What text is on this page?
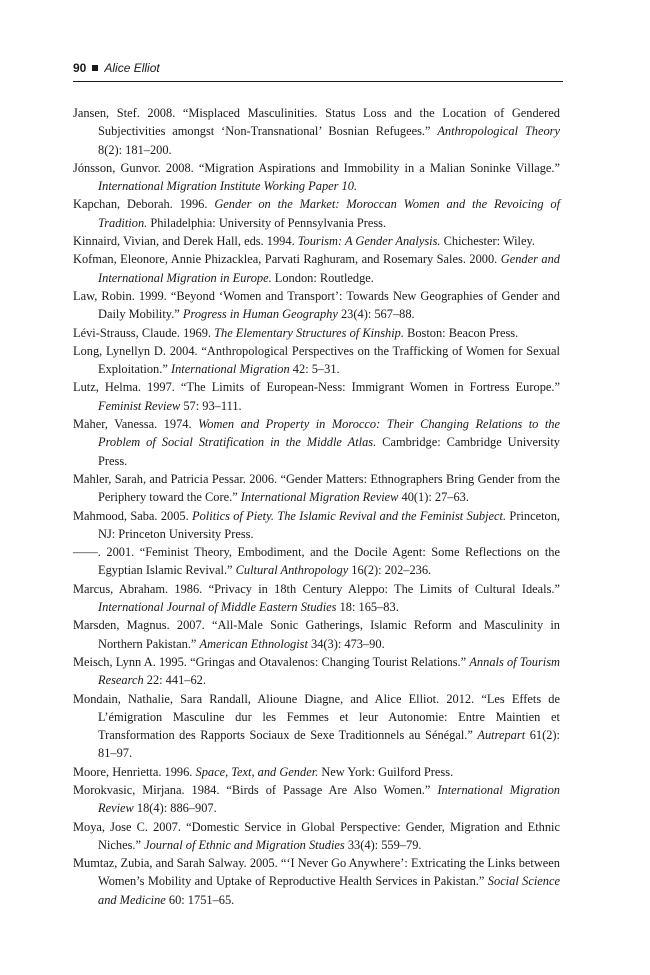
90 Alice Elliot

Jansen, Stef. 2008. “Misplaced Masculinities. Status Loss and the Location of Gendered Subjectivities amongst ‘Non-Transnational’ Bosnian Refugees.” Anthropological Theory 8(2): 181–200.

Jónsson, Gunvor. 2008. “Migration Aspirations and Immobility in a Malian Soninke Village.” International Migration Institute Working Paper 10.

Kapchan, Deborah. 1996. Gender on the Market: Moroccan Women and the Revoicing of Tradition. Philadelphia: University of Pennsylvania Press.

Kinnaird, Vivian, and Derek Hall, eds. 1994. Tourism: A Gender Analysis. Chichester: Wiley.

Kofman, Eleonore, Annie Phizacklea, Parvati Raghuram, and Rosemary Sales. 2000. Gender and International Migration in Europe. London: Routledge.

Law, Robin. 1999. “Beyond ‘Women and Transport’: Towards New Geographies of Gender and Daily Mobility.” Progress in Human Geography 23(4): 567–88.

Lévi-Strauss, Claude. 1969. The Elementary Structures of Kinship. Boston: Beacon Press.

Long, Lynellyn D. 2004. “Anthropological Perspectives on the Trafficking of Women for Sexual Exploitation.” International Migration 42: 5–31.

Lutz, Helma. 1997. “The Limits of European-Ness: Immigrant Women in Fortress Europe.” Feminist Review 57: 93–111.

Maher, Vanessa. 1974. Women and Property in Morocco: Their Changing Relations to the Problem of Social Stratification in the Middle Atlas. Cambridge: Cambridge University Press.

Mahler, Sarah, and Patricia Pessar. 2006. “Gender Matters: Ethnographers Bring Gender from the Periphery toward the Core.” International Migration Review 40(1): 27–63.

Mahmood, Saba. 2005. Politics of Piety. The Islamic Revival and the Feminist Subject. Princeton, NJ: Princeton University Press.

——. 2001. “Feminist Theory, Embodiment, and the Docile Agent: Some Reflections on the Egyptian Islamic Revival.” Cultural Anthropology 16(2): 202–236.

Marcus, Abraham. 1986. “Privacy in 18th Century Aleppo: The Limits of Cultural Ideals.” International Journal of Middle Eastern Studies 18: 165–83.

Marsden, Magnus. 2007. “All-Male Sonic Gatherings, Islamic Reform and Masculinity in Northern Pakistan.” American Ethnologist 34(3): 473–90.

Meisch, Lynn A. 1995. “Gringas and Otavalenos: Changing Tourist Relations.” Annals of Tourism Research 22: 441–62.

Mondain, Nathalie, Sara Randall, Alioune Diagne, and Alice Elliot. 2012. “Les Effets de L’émigration Masculine dur les Femmes et leur Autonomie: Entre Maintien et Transformation des Rapports Sociaux de Sexe Traditionnels au Sénégal.” Autrepart 61(2): 81–97.

Moore, Henrietta. 1996. Space, Text, and Gender. New York: Guilford Press.

Morokvasic, Mirjana. 1984. “Birds of Passage Are Also Women.” International Migration Review 18(4): 886–907.

Moya, Jose C. 2007. “Domestic Service in Global Perspective: Gender, Migration and Ethnic Niches.” Journal of Ethnic and Migration Studies 33(4): 559–79.

Mumtaz, Zubia, and Sarah Salway. 2005. “‘I Never Go Anywhere’: Extricating the Links between Women’s Mobility and Uptake of Reproductive Health Services in Pakistan.” Social Science and Medicine 60: 1751–65.
